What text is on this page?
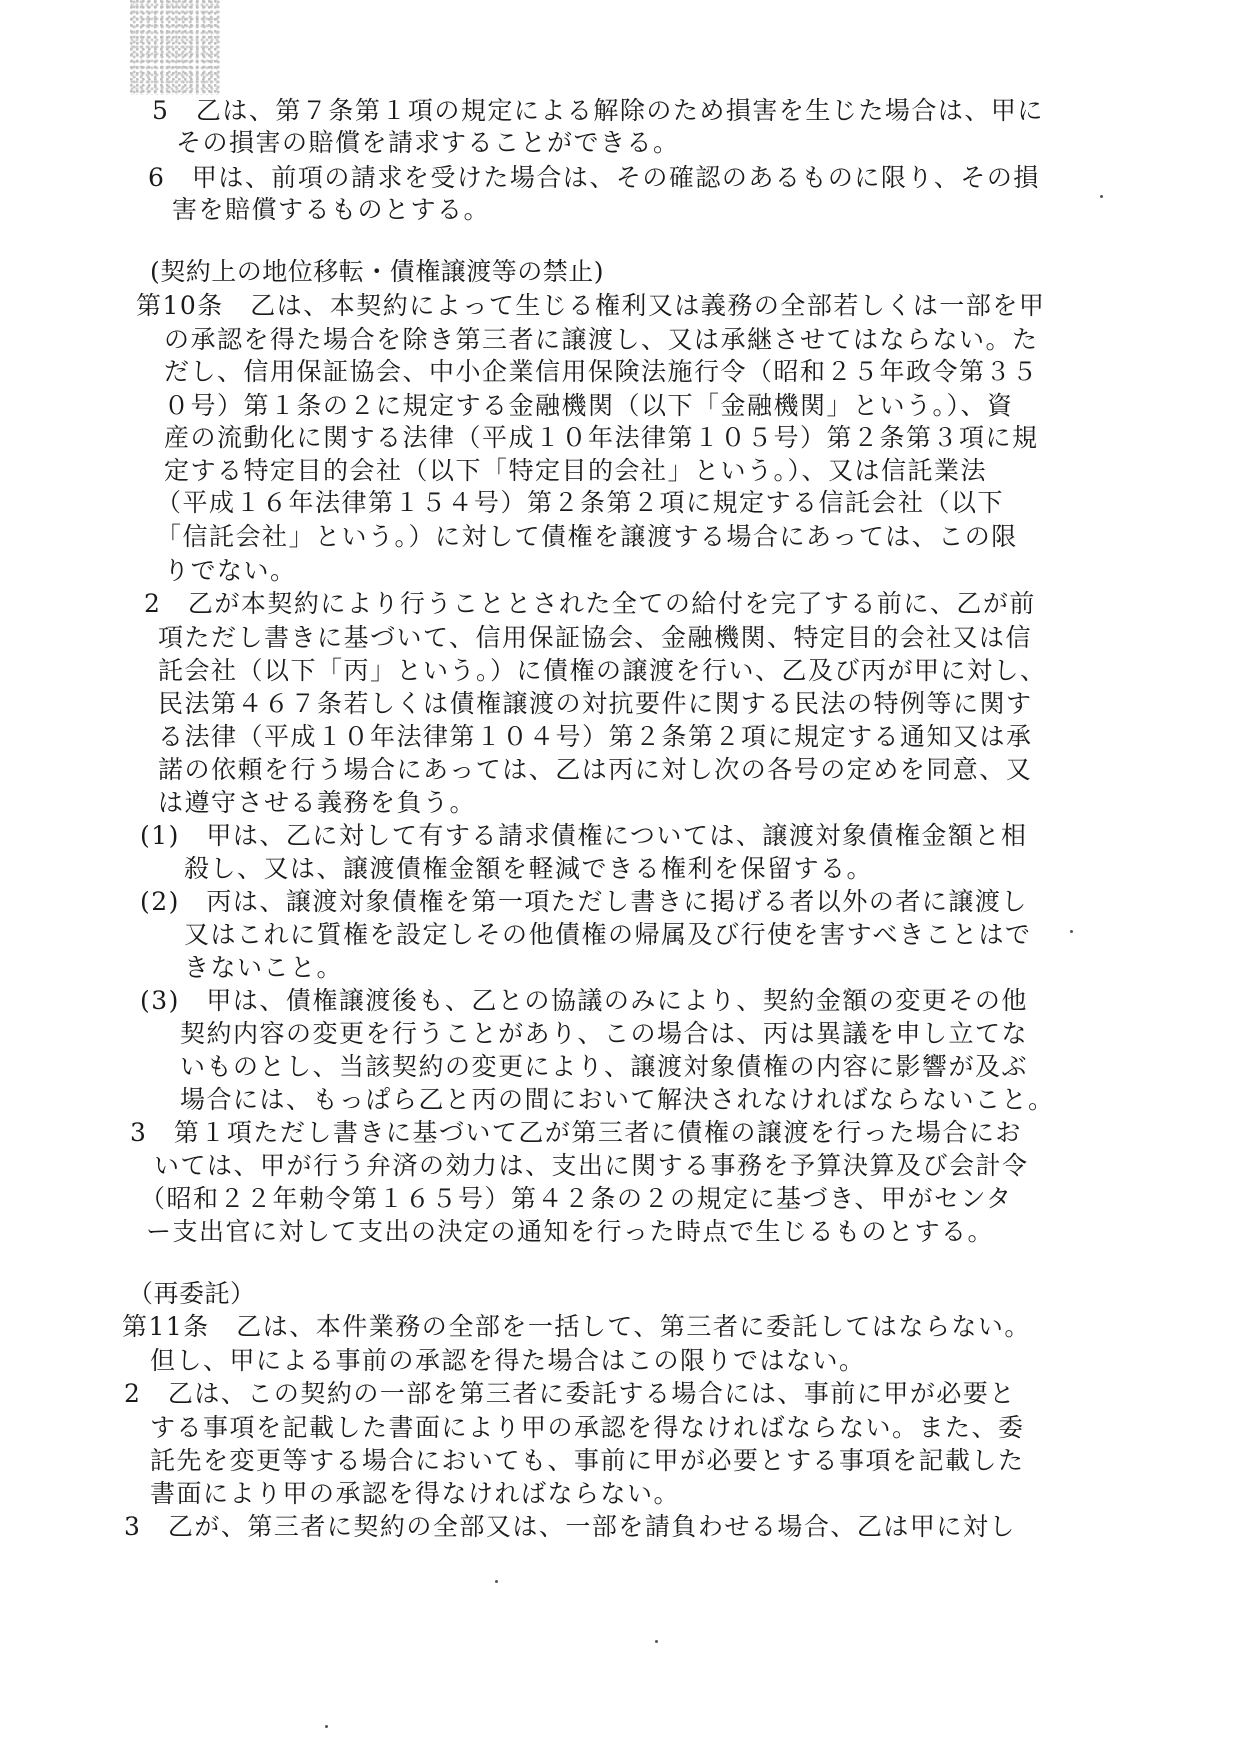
5　乙は、第７条第１項の規定による解除のため損害を生じた場合は、甲に
その損害の賠償を請求することができる。
6　甲は、前項の請求を受けた場合は、その確認のあるものに限り、その損
害を賠償するものとする。
(契約上の地位移転・債権譲渡等の禁止)
第10条　乙は、本契約によって生じる権利又は義務の全部若しくは一部を甲
の承認を得た場合を除き第三者に譲渡し、又は承継させてはならない。た
だし、信用保証協会、中小企業信用保険法施行令（昭和２５年政令第３５
０号）第１条の２に規定する金融機関（以下「金融機関」という。）、資
産の流動化に関する法律（平成１０年法律第１０５号）第２条第３項に規
定する特定目的会社（以下「特定目的会社」という。）、又は信託業法
（平成１６年法律第１５４号）第２条第２項に規定する信託会社（以下
「信託会社」という。）に対して債権を譲渡する場合にあっては、この限
りでない。
2　乙が本契約により行うこととされた全ての給付を完了する前に、乙が前
項ただし書きに基づいて、信用保証協会、金融機関、特定目的会社又は信
託会社（以下「丙」という。）に債権の譲渡を行い、乙及び丙が甲に対し、
民法第４６７条若しくは債権譲渡の対抗要件に関する民法の特例等に関す
る法律（平成１０年法律第１０４号）第２条第２項に規定する通知又は承
諾の依頼を行う場合にあっては、乙は丙に対し次の各号の定めを同意、又
は遵守させる義務を負う。
(1)　甲は、乙に対して有する請求債権については、譲渡対象債権金額と相
殺し、又は、譲渡債権金額を軽減できる権利を保留する。
(2)　丙は、譲渡対象債権を第一項ただし書きに掲げる者以外の者に譲渡し
又はこれに質権を設定しその他債権の帰属及び行使を害すべきことはで
きないこと。
(3)　甲は、債権譲渡後も、乙との協議のみにより、契約金額の変更その他
契約内容の変更を行うことがあり、この場合は、丙は異議を申し立てな
いものとし、当該契約の変更により、譲渡対象債権の内容に影響が及ぶ
場合には、もっぱら乙と丙の間において解決されなければならないこと。
3　第１項ただし書きに基づいて乙が第三者に債権の譲渡を行った場合にお
いては、甲が行う弁済の効力は、支出に関する事務を予算決算及び会計令
（昭和２２年勅令第１６５号）第４２条の２の規定に基づき、甲がセンタ
ー支出官に対して支出の決定の通知を行った時点で生じるものとする。
（再委託）
第11条　乙は、本件業務の全部を一括して、第三者に委託してはならない。
但し、甲による事前の承認を得た場合はこの限りではない。
2　乙は、この契約の一部を第三者に委託する場合には、事前に甲が必要と
する事項を記載した書面により甲の承認を得なければならない。また、委
託先を変更等する場合においても、事前に甲が必要とする事項を記載した
書面により甲の承認を得なければならない。
3　乙が、第三者に契約の全部又は、一部を請負わせる場合、乙は甲に対し
